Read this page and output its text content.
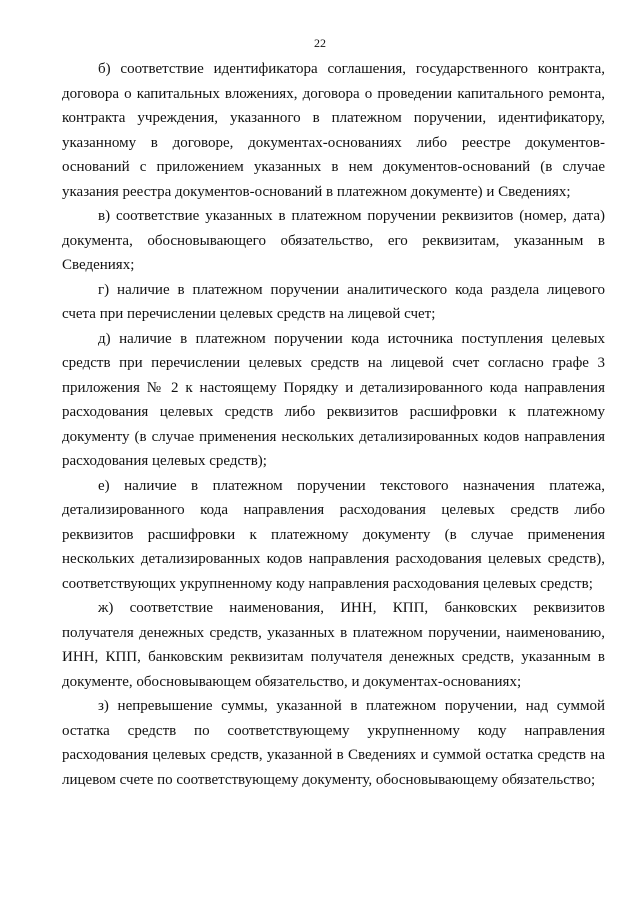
22

б) соответствие идентификатора соглашения, государственного контракта, договора о капитальных вложениях, договора о проведении капитального ремонта, контракта учреждения, указанного в платежном поручении, идентификатору, указанному в договоре, документах-основаниях либо реестре документов-оснований с приложением указанных в нем документов-оснований (в случае указания реестра документов-оснований в платежном документе) и Сведениях;

в) соответствие указанных в платежном поручении реквизитов (номер, дата) документа, обосновывающего обязательство, его реквизитам, указанным в Сведениях;

г) наличие в платежном поручении аналитического кода раздела лицевого счета при перечислении целевых средств на лицевой счет;

д) наличие в платежном поручении кода источника поступления целевых средств при перечислении целевых средств на лицевой счет согласно графе 3 приложения № 2 к настоящему Порядку и детализированного кода направления расходования целевых средств либо реквизитов расшифровки к платежному документу (в случае применения нескольких детализированных кодов направления расходования целевых средств);

е) наличие в платежном поручении текстового назначения платежа, детализированного кода направления расходования целевых средств либо реквизитов расшифровки к платежному документу (в случае применения нескольких детализированных кодов направления расходования целевых средств), соответствующих укрупненному коду направления расходования целевых средств;

ж) соответствие наименования, ИНН, КПП, банковских реквизитов получателя денежных средств, указанных в платежном поручении, наименованию, ИНН, КПП, банковским реквизитам получателя денежных средств, указанным в документе, обосновывающем обязательство, и документах-основаниях;

з) непревышение суммы, указанной в платежном поручении, над суммой остатка средств по соответствующему укрупненному коду направления расходования целевых средств, указанной в Сведениях и суммой остатка средств на лицевом счете по соответствующему документу, обосновывающему обязательство;
